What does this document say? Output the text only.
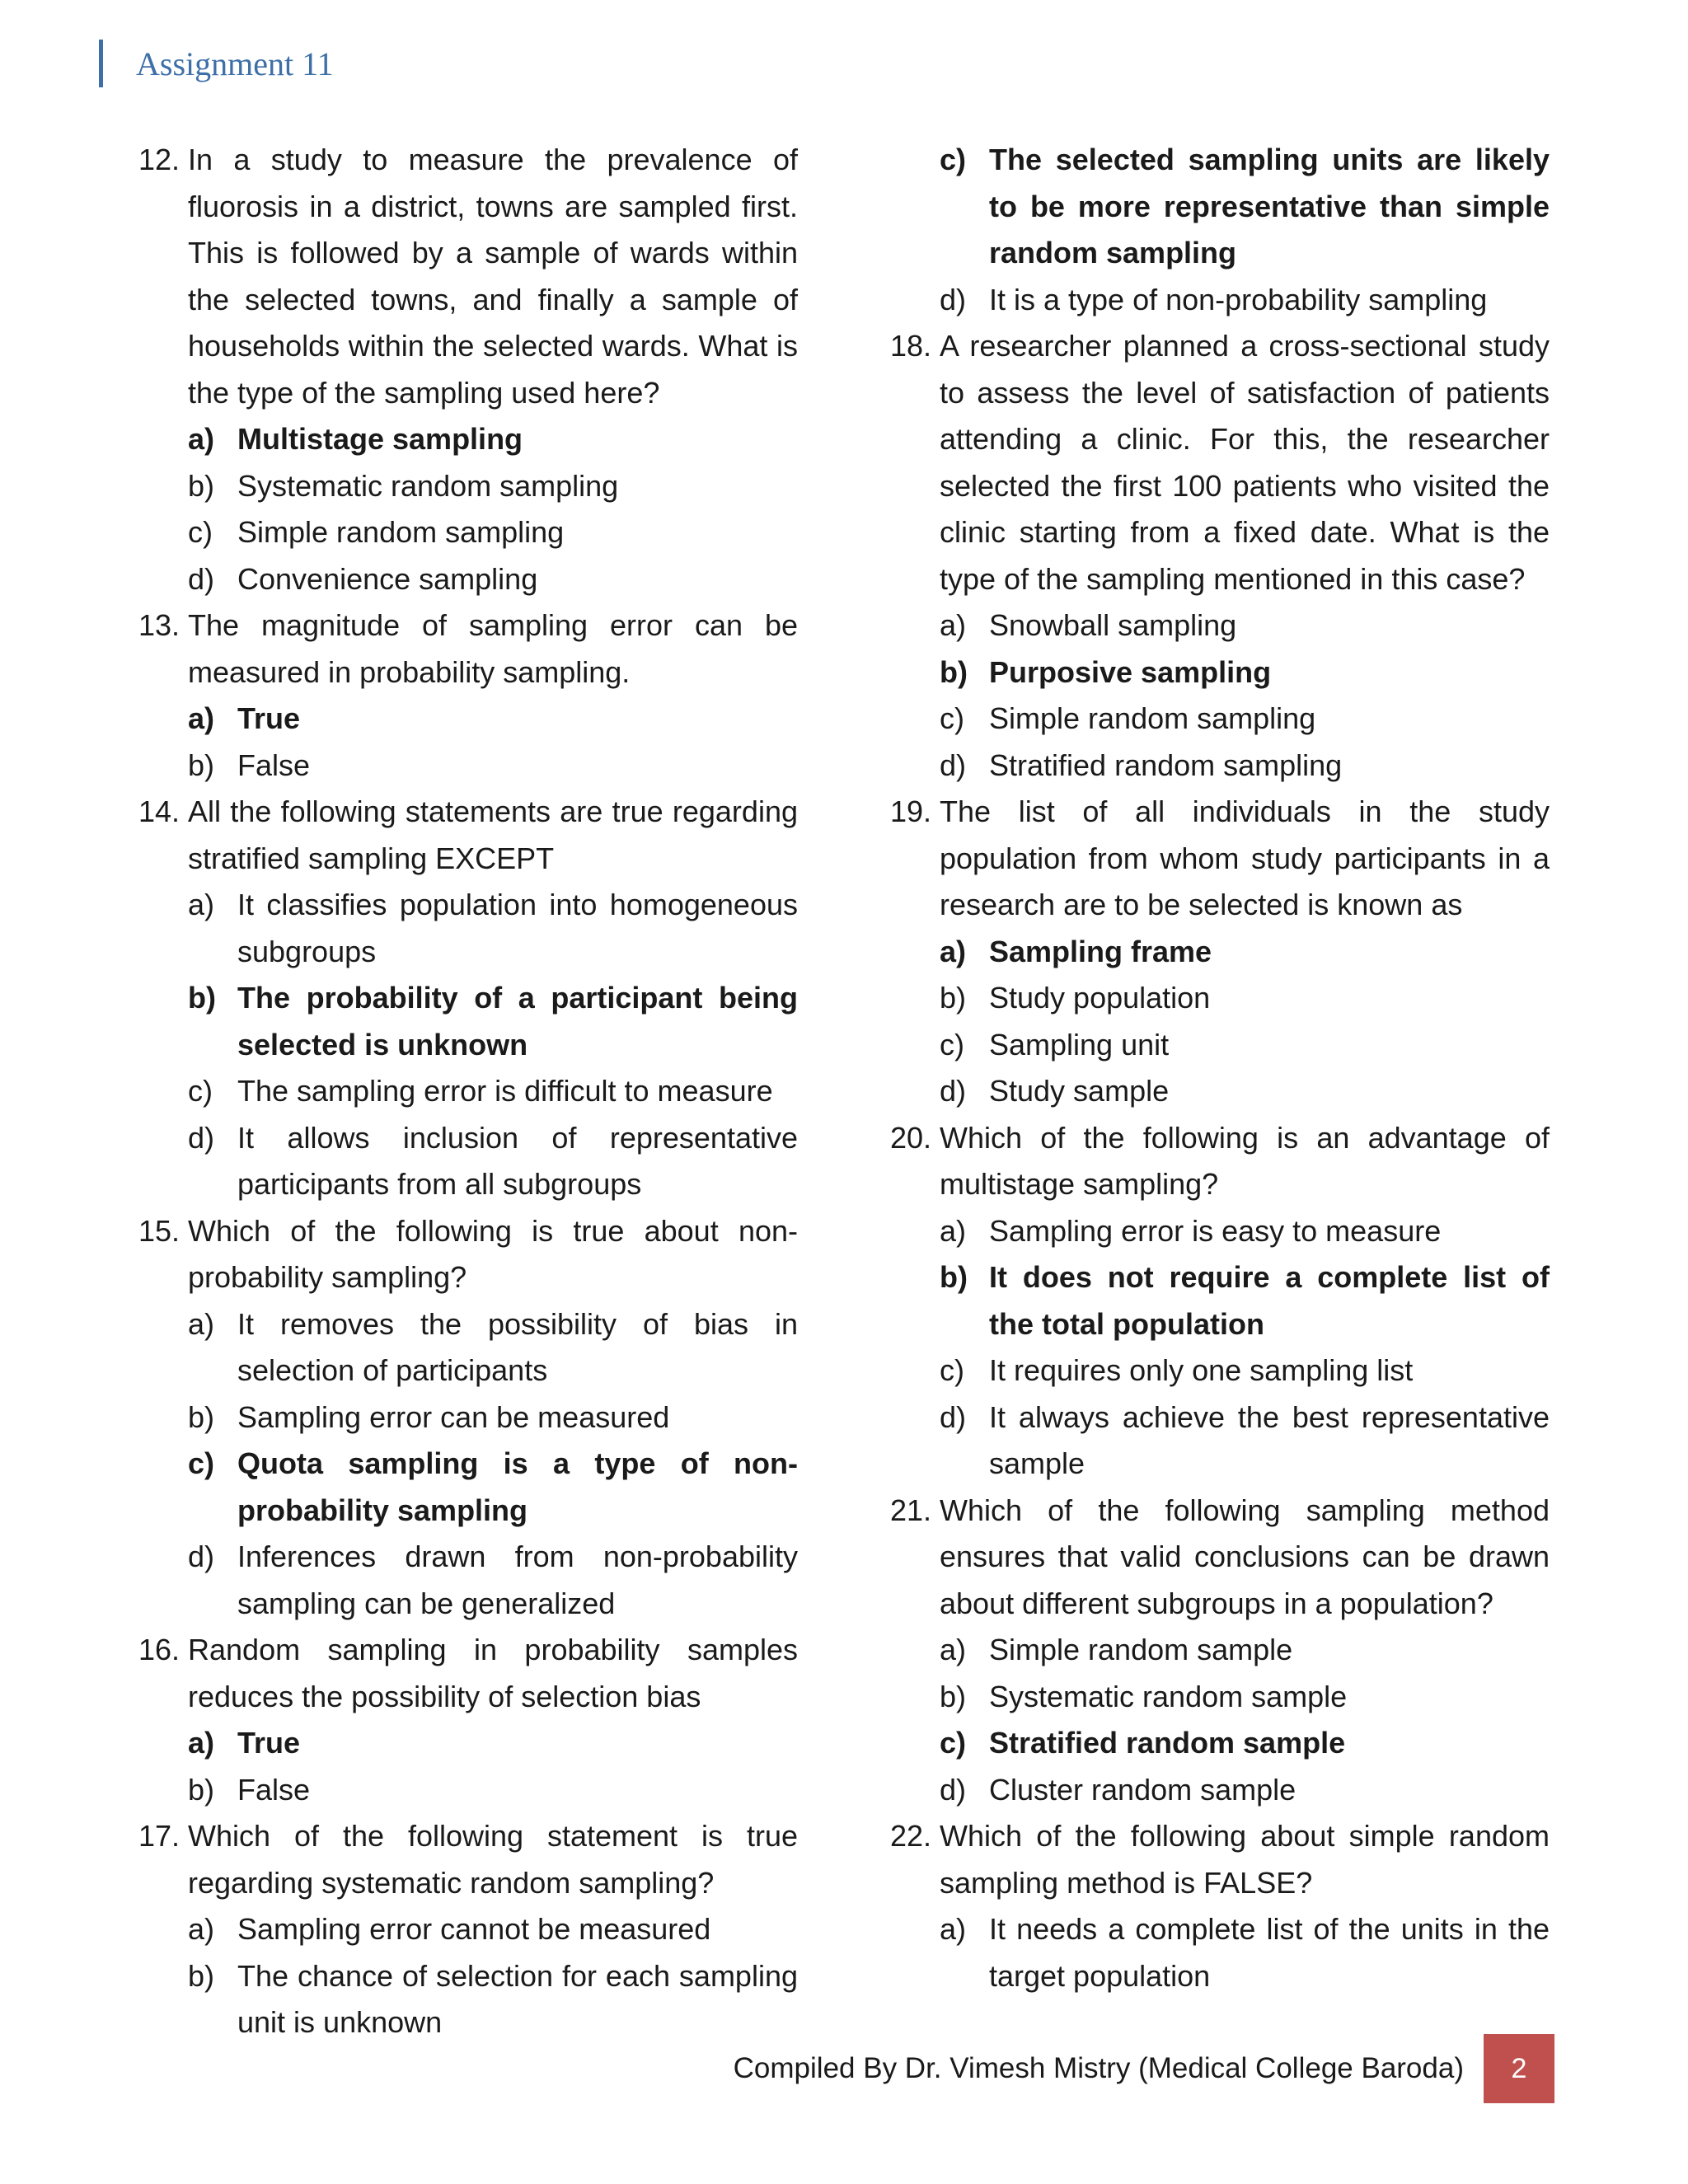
Assignment 11
12. In a study to measure the prevalence of fluorosis in a district, towns are sampled first. This is followed by a sample of wards within the selected towns, and finally a sample of households within the selected wards. What is the type of the sampling used here?
a) Multistage sampling
b) Systematic random sampling
c) Simple random sampling
d) Convenience sampling
13. The magnitude of sampling error can be measured in probability sampling.
a) True
b) False
14. All the following statements are true regarding stratified sampling EXCEPT
a) It classifies population into homogeneous subgroups
b) The probability of a participant being selected is unknown
c) The sampling error is difficult to measure
d) It allows inclusion of representative participants from all subgroups
15. Which of the following is true about non-probability sampling?
a) It removes the possibility of bias in selection of participants
b) Sampling error can be measured
c) Quota sampling is a type of non-probability sampling
d) Inferences drawn from non-probability sampling can be generalized
16. Random sampling in probability samples reduces the possibility of selection bias
a) True
b) False
17. Which of the following statement is true regarding systematic random sampling?
a) Sampling error cannot be measured
b) The chance of selection for each sampling unit is unknown
c) The selected sampling units are likely to be more representative than simple random sampling
d) It is a type of non-probability sampling
18. A researcher planned a cross-sectional study to assess the level of satisfaction of patients attending a clinic. For this, the researcher selected the first 100 patients who visited the clinic starting from a fixed date. What is the type of the sampling mentioned in this case?
a) Snowball sampling
b) Purposive sampling
c) Simple random sampling
d) Stratified random sampling
19. The list of all individuals in the study population from whom study participants in a research are to be selected is known as
a) Sampling frame
b) Study population
c) Sampling unit
d) Study sample
20. Which of the following is an advantage of multistage sampling?
a) Sampling error is easy to measure
b) It does not require a complete list of the total population
c) It requires only one sampling list
d) It always achieve the best representative sample
21. Which of the following sampling method ensures that valid conclusions can be drawn about different subgroups in a population?
a) Simple random sample
b) Systematic random sample
c) Stratified random sample
d) Cluster random sample
22. Which of the following about simple random sampling method is FALSE?
a) It needs a complete list of the units in the target population
Compiled By Dr. Vimesh Mistry (Medical College Baroda)	2
